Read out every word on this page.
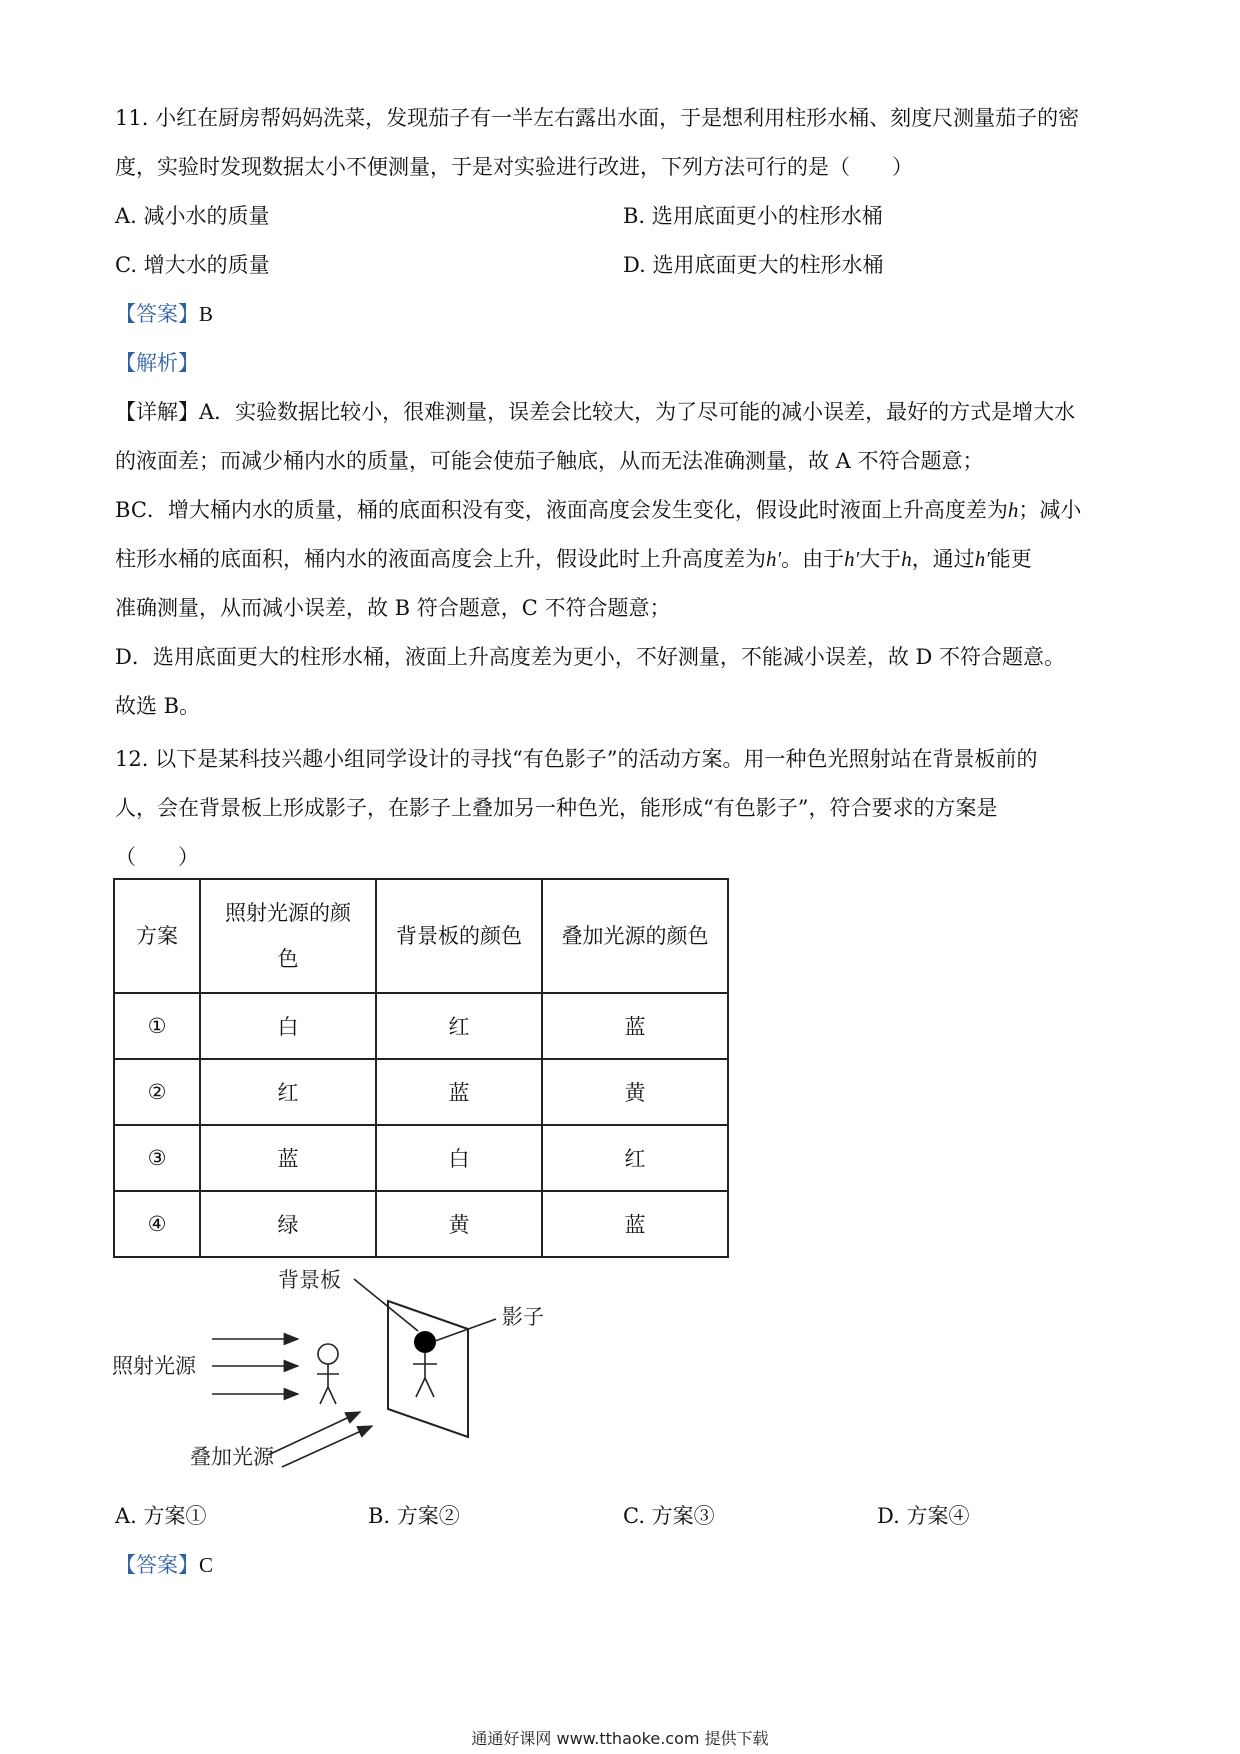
11. 小红在厨房帮妈妈洗菜，发现茄子有一半左右露出水面，于是想利用柱形水桶、刻度尺测量茄子的密
度，实验时发现数据太小不便测量，于是对实验进行改进，下列方法可行的是（　　）
A. 减小水的质量	B. 选用底面更小的柱形水桶
C. 增大水的质量	D. 选用底面更大的柱形水桶
【答案】B
【解析】
【详解】A．实验数据比较小，很难测量，误差会比较大，为了尽可能的减小误差，最好的方式是增大水
的液面差；而减少桶内水的质量，可能会使茄子触底，从而无法准确测量，故 A 不符合题意；
BC．增大桶内水的质量，桶的底面积没有变，液面高度会发生变化，假设此时液面上升高度差为h；减小
柱形水桶的底面积，桶内水的液面高度会上升，假设此时上升高度差为h′。由于h′大于h，通过h′能更
准确测量，从而减小误差，故 B 符合题意，C 不符合题意；
D．选用底面更大的柱形水桶，液面上升高度差为更小，不好测量，不能减小误差，故 D 不符合题意。
故选 B。
12. 以下是某科技兴趣小组同学设计的寻找“有色影子”的活动方案。用一种色光照射站在背景板前的
人，会在背景板上形成影子，在影子上叠加另一种色光，能形成“有色影子”，符合要求的方案是
（　　）
方案	照射光源的颜
色	背景板的颜色	叠加光源的颜色
①	白	红	蓝
②	红	蓝	黄
③	蓝	白	红
④	绿	黄	蓝
背景板
影子
照射光源
叠加光源
A. 方案①	B. 方案②	C. 方案③	D. 方案④
【答案】C
通通好课网 www.tthaoke.com 提供下载
